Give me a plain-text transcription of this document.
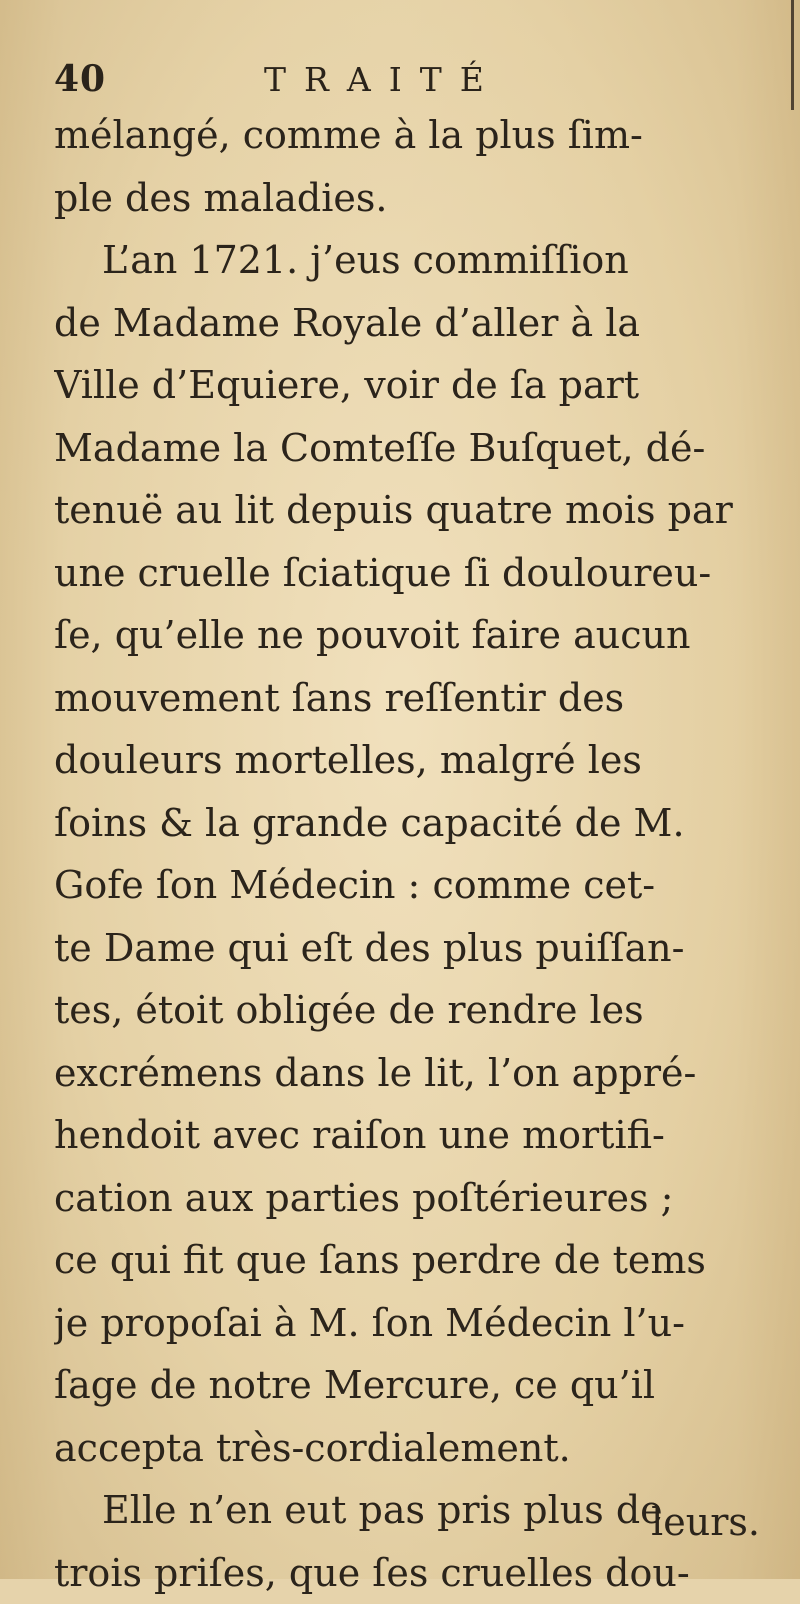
40	TRAITÉ
mélangé, comme à la plus ſim-
ple des maladies.
L’an 1721. j’eus commiſſion
de Madame Royale d’aller à la
Ville d’Equiere, voir de ſa part
Madame la Comteſſe Buſquet, dé-
tenuë au lit depuis quatre mois par
une cruelle ſciatique ſi douloureu-
ſe, qu’elle ne pouvoit faire aucun
mouvement ſans reſſentir des
douleurs mortelles, malgré les
ſoins & la grande capacité de M.
Gofe ſon Médecin : comme cet-
te Dame qui eſt des plus puiſſan-
tes, étoit obligée de rendre les
excrémens dans le lit, l’on appré-
hendoit avec raiſon une mortifi-
cation aux parties poſtérieures ;
ce qui fit que ſans perdre de tems
je propoſai à M. ſon Médecin l’u-
ſage de notre Mercure, ce qu’il
accepta très-cordialement.
Elle n’en eut pas pris plus de
trois priſes, que ſes cruelles dou-
leurs.
